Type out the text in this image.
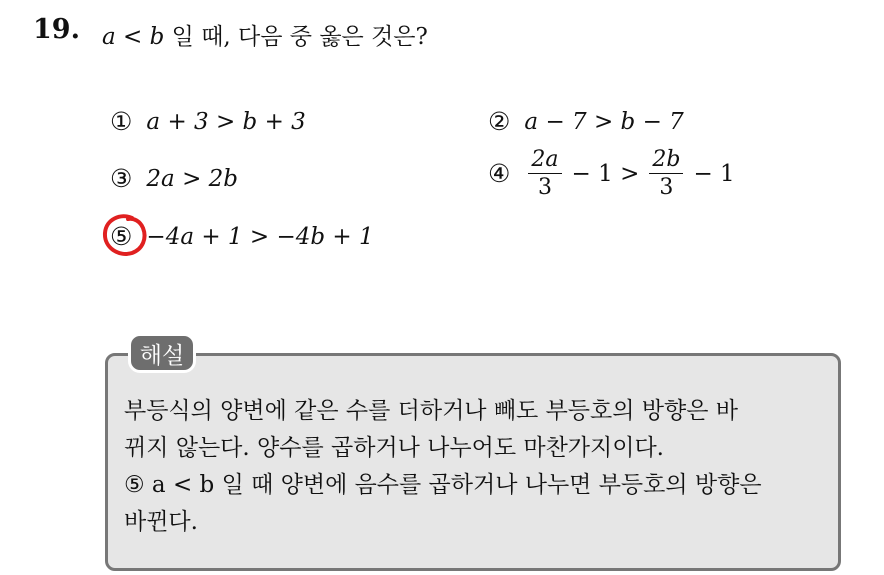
19. a < b 일 때, 다음 중 옳은 것은?
① a + 3 > b + 3	② a − 7 > b − 7
③ 2a > 2b	④ $\frac{2a}{3} - 1 > \frac{2b}{3} - 1$
⑤ −4a + 1 > −4b + 1
해설
부등식의 양변에 같은 수를 더하거나 빼도 부등호의 방향은 바
뀌지 않는다. 양수를 곱하거나 나누어도 마찬가지이다.
⑤ a < b 일 때 양변에 음수를 곱하거나 나누면 부등호의 방향은
바뀐다.
